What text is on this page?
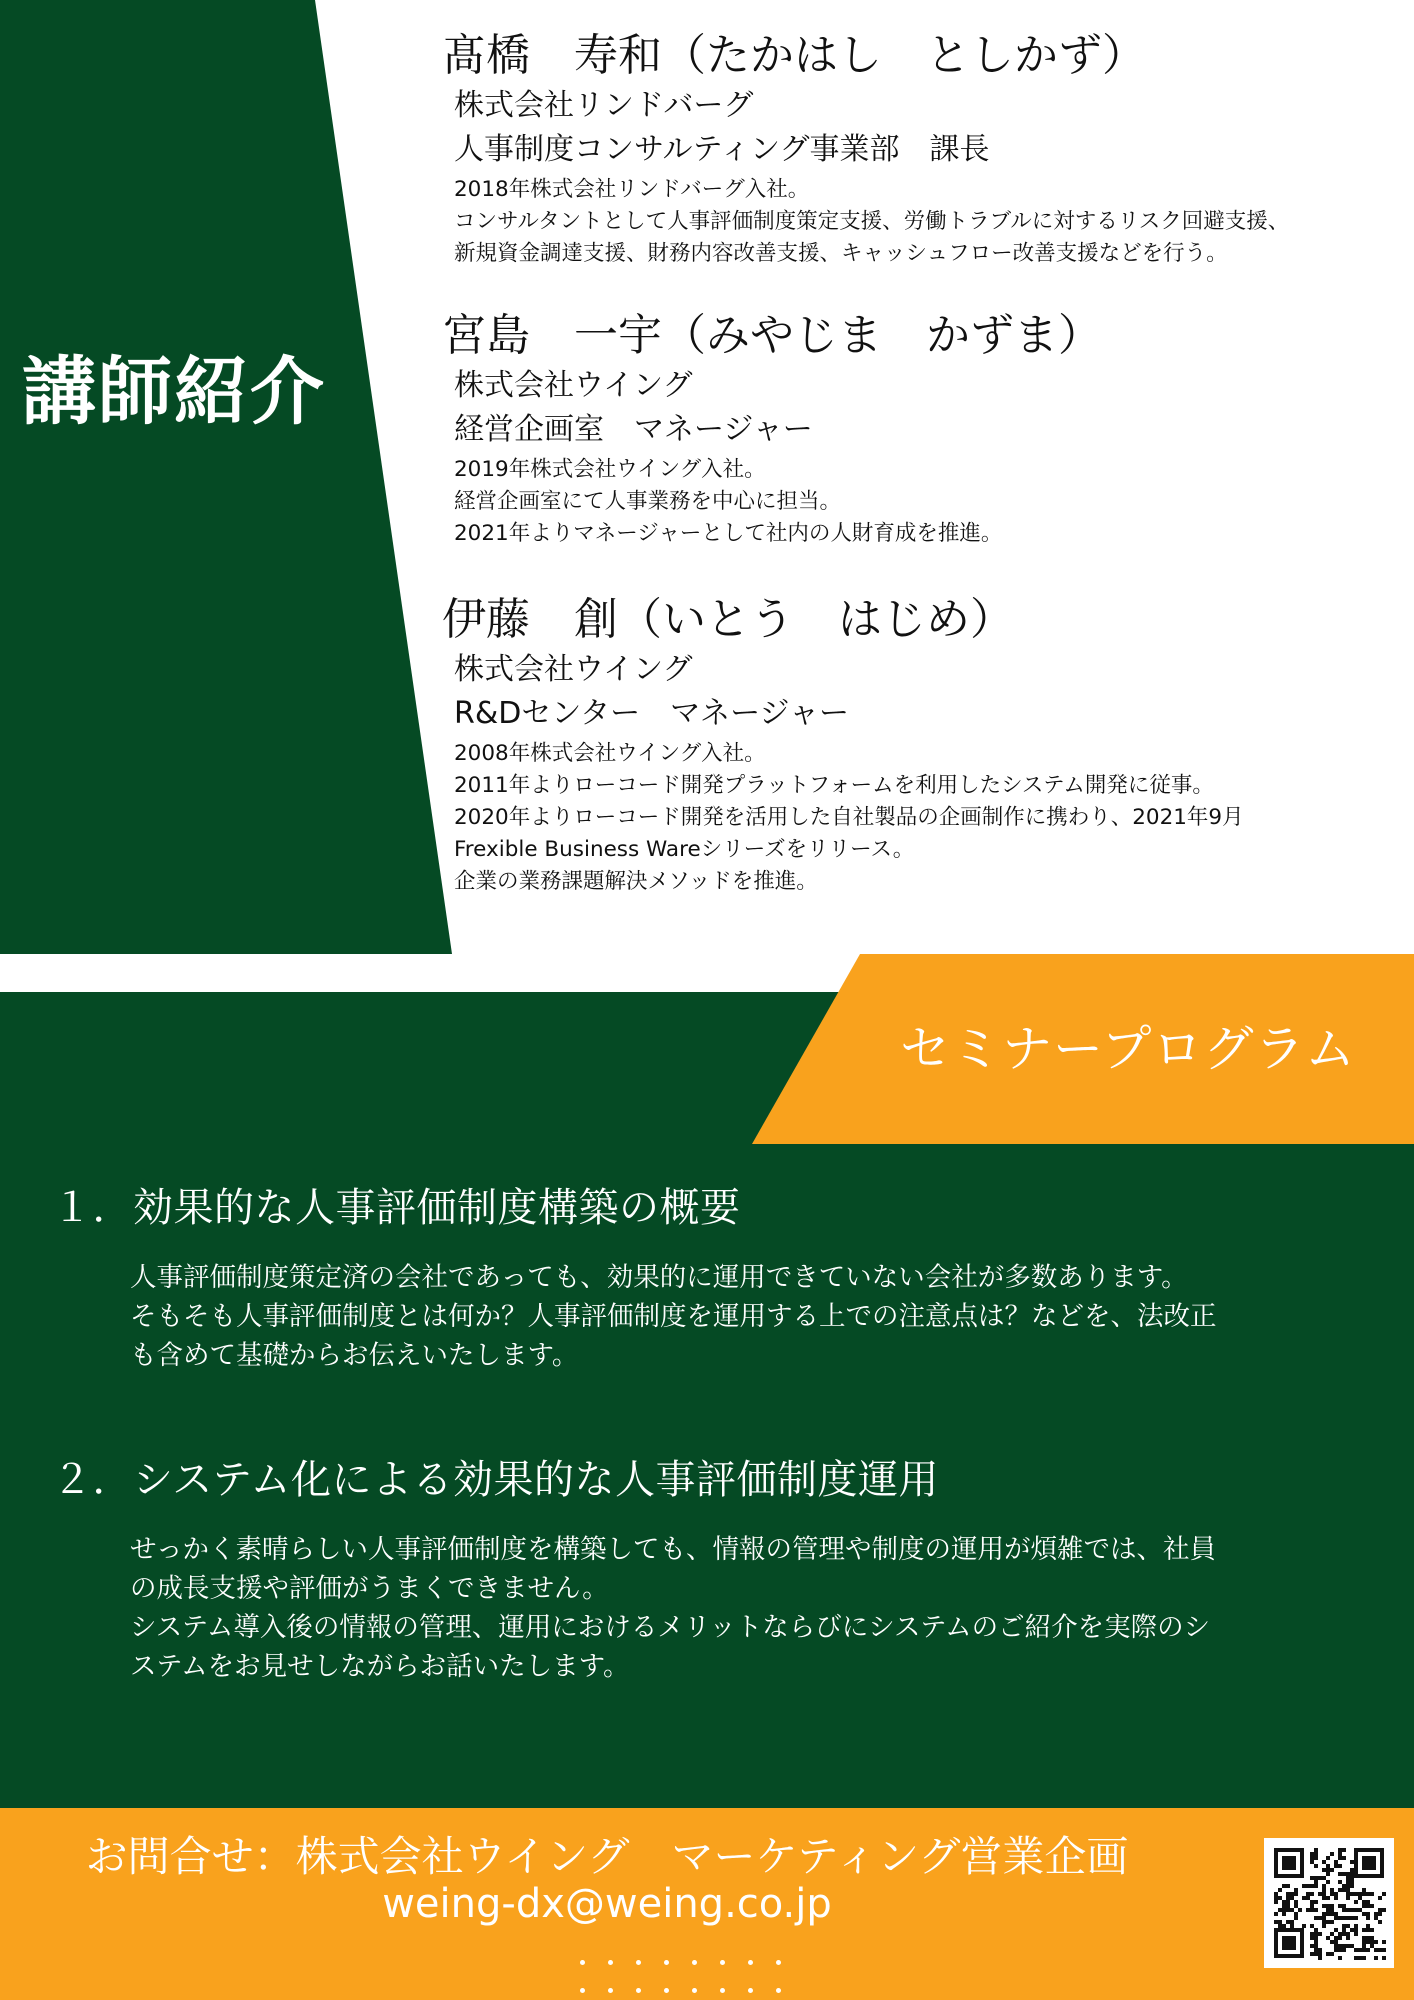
講師紹介
髙橋　寿和（たかはし　としかず）
株式会社リンドバーグ
人事制度コンサルティング事業部　課長
2018年株式会社リンドバーグ入社。
コンサルタントとして人事評価制度策定支援、労働トラブルに対するリスク回避支援、
新規資金調達支援、財務内容改善支援、キャッシュフロー改善支援などを行う。
宮島　一宇（みやじま　かずま）
株式会社ウイング
経営企画室　マネージャー
2019年株式会社ウイング入社。
経営企画室にて人事業務を中心に担当。
2021年よりマネージャーとして社内の人財育成を推進。
伊藤　創（いとう　はじめ）
株式会社ウイング
R&Dセンター　マネージャー
2008年株式会社ウイング入社。
2011年よりローコード開発プラットフォームを利用したシステム開発に従事。
2020年よりローコード開発を活用した自社製品の企画制作に携わり、2021年9月
Frexible Business Wareシリーズをリリース。
企業の業務課題解決メソッドを推進。
セミナープログラム
１．効果的な人事評価制度構築の概要
人事評価制度策定済の会社であっても、効果的に運用できていない会社が多数あります。
そもそも人事評価制度とは何か？人事評価制度を運用する上での注意点は？などを、法改正
も含めて基礎からお伝えいたします。
２．システム化による効果的な人事評価制度運用
せっかく素晴らしい人事評価制度を構築しても、情報の管理や制度の運用が煩雑では、社員
の成長支援や評価がうまくできません。
システム導入後の情報の管理、運用におけるメリットならびにシステムのご紹介を実際のシ
ステムをお見せしながらお話いたします。
お問合せ：株式会社ウイング　マーケティング営業企画
weing-dx@weing.co.jp
